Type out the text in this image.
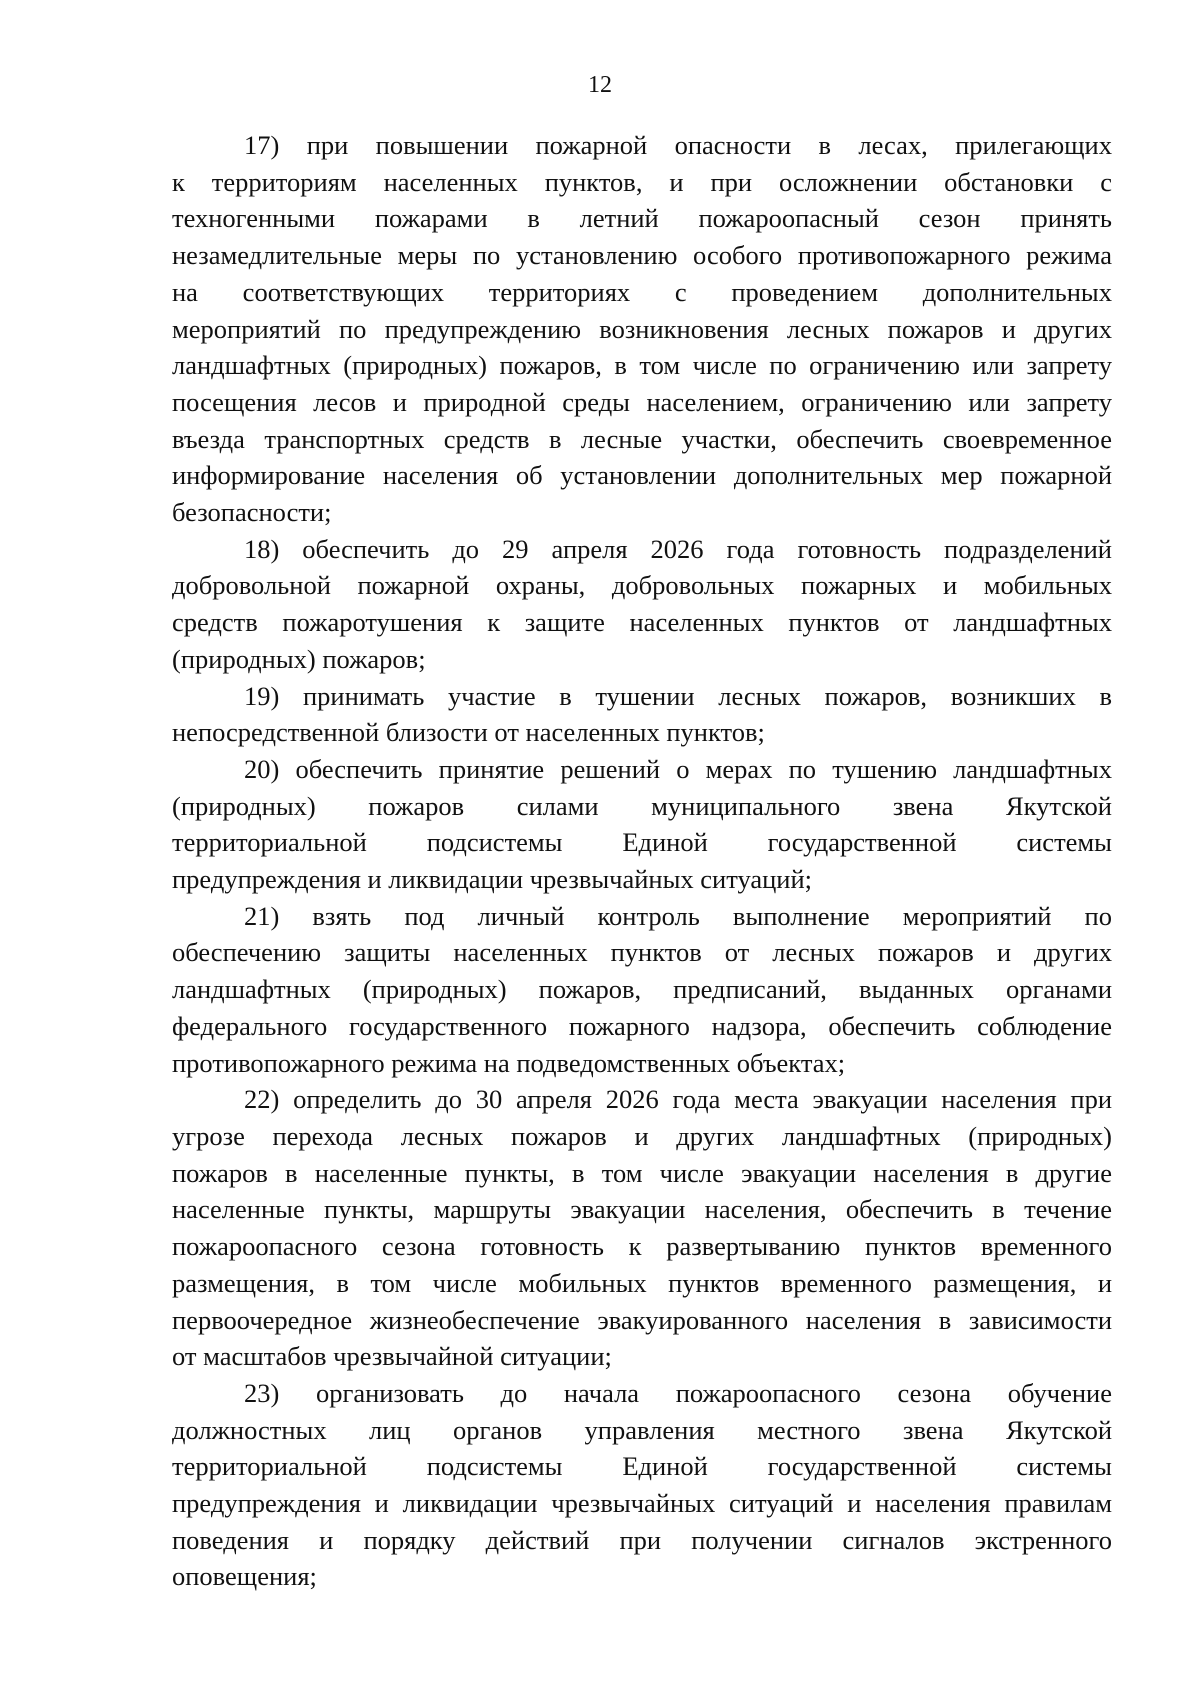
12

17) при повышении пожарной опасности в лесах, прилегающих
к территориям населенных пунктов, и при осложнении обстановки с
техногенными пожарами в летний пожароопасный сезон принять
незамедлительные меры по установлению особого противопожарного режима
на соответствующих территориях с проведением дополнительных
мероприятий по предупреждению возникновения лесных пожаров и других
ландшафтных (природных) пожаров, в том числе по ограничению или запрету
посещения лесов и природной среды населением, ограничению или запрету
въезда транспортных средств в лесные участки, обеспечить своевременное
информирование населения об установлении дополнительных мер пожарной
безопасности;

18) обеспечить до 29 апреля 2026 года готовность подразделений
добровольной пожарной охраны, добровольных пожарных и мобильных
средств пожаротушения к защите населенных пунктов от ландшафтных
(природных) пожаров;

19) принимать участие в тушении лесных пожаров, возникших в
непосредственной близости от населенных пунктов;

20) обеспечить принятие решений о мерах по тушению ландшафтных
(природных) пожаров силами муниципального звена Якутской
территориальной подсистемы Единой государственной системы
предупреждения и ликвидации чрезвычайных ситуаций;

21) взять под личный контроль выполнение мероприятий по
обеспечению защиты населенных пунктов от лесных пожаров и других
ландшафтных (природных) пожаров, предписаний, выданных органами
федерального государственного пожарного надзора, обеспечить соблюдение
противопожарного режима на подведомственных объектах;

22) определить до 30 апреля 2026 года места эвакуации населения при
угрозе перехода лесных пожаров и других ландшафтных (природных)
пожаров в населенные пункты, в том числе эвакуации населения в другие
населенные пункты, маршруты эвакуации населения, обеспечить в течение
пожароопасного сезона готовность к развертыванию пунктов временного
размещения, в том числе мобильных пунктов временного размещения, и
первоочередное жизнеобеспечение эвакуированного населения в зависимости
от масштабов чрезвычайной ситуации;

23) организовать до начала пожароопасного сезона обучение
должностных лиц органов управления местного звена Якутской
территориальной подсистемы Единой государственной системы
предупреждения и ликвидации чрезвычайных ситуаций и населения правилам
поведения и порядку действий при получении сигналов экстренного
оповещения;
